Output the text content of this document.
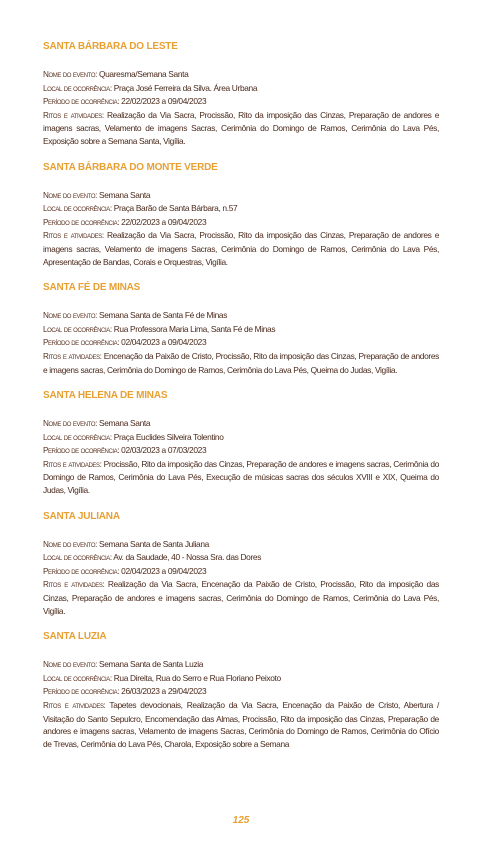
SANTA BÁRBARA DO LESTE

Nome do evento: Quaresma/Semana Santa

Local de ocorrência: Praça José Ferreira da Silva. Área Urbana

Período de ocorrência: 22/02/2023 a 09/04/2023

Ritos e atividades: Realização da Via Sacra, Procissão, Rito da imposição das Cinzas, Preparação de andores e imagens sacras, Velamento de imagens Sacras, Cerimônia do Domingo de Ramos, Cerimônia do Lava Pés, Exposição sobre a Semana Santa, Vigília.

SANTA BÁRBARA DO MONTE VERDE

Nome do evento: Semana Santa

Local de ocorrência: Praça Barão de Santa Bárbara, n.57

Período de ocorrência: 22/02/2023 a 09/04/2023

Ritos e atividades: Realização da Via Sacra, Procissão, Rito da imposição das Cinzas, Preparação de andores e imagens sacras, Velamento de imagens Sacras, Cerimônia do Domingo de Ramos, Cerimônia do Lava Pés, Apresentação de Bandas, Corais e Orquestras, Vigília.

SANTA FÉ DE MINAS

Nome do evento: Semana Santa de Santa Fé de Minas

Local de ocorrência: Rua Professora Maria Lima, Santa Fé de Minas

Período de ocorrência: 02/04/2023 a 09/04/2023

Ritos e atividades: Encenação da Paixão de Cristo, Procissão, Rito da imposição das Cinzas, Preparação de andores e imagens sacras, Cerimônia do Domingo de Ramos, Cerimônia do Lava Pés, Queima do Judas, Vigília.

SANTA HELENA DE MINAS

Nome do evento: Semana Santa

Local de ocorrência: Praça Euclides Silveira Tolentino

Período de ocorrência: 02/03/2023 a 07/03/2023

Ritos e atividades: Procissão, Rito da imposição das Cinzas, Preparação de andores e imagens sacras, Cerimônia do Domingo de Ramos, Cerimônia do Lava Pés, Execução de músicas sacras dos séculos XVIII e XIX, Queima do Judas, Vigília.

SANTA JULIANA

Nome do evento: Semana Santa de Santa Juliana

Local de ocorrência: Av. da Saudade, 40 - Nossa Sra. das Dores

Período de ocorrência: 02/04/2023 a 09/04/2023

Ritos e atividades: Realização da Via Sacra, Encenação da Paixão de Cristo, Procissão, Rito da imposição das Cinzas, Preparação de andores e imagens sacras, Cerimônia do Domingo de Ramos, Cerimônia do Lava Pés, Vigília.

SANTA LUZIA

Nome do evento: Semana Santa de Santa Luzia

Local de ocorrência: Rua Direita, Rua do Serro e Rua Floriano Peixoto

Período de ocorrência: 26/03/2023 a 29/04/2023

Ritos e atividades: Tapetes devocionais, Realização da Via Sacra, Encenação da Paixão de Cristo, Abertura / Visitação do Santo Sepulcro, Encomendação das Almas, Procissão, Rito da imposição das Cinzas, Preparação de andores e imagens sacras, Velamento de imagens Sacras, Cerimônia do Domingo de Ramos, Cerimônia do Ofício de Trevas, Cerimônia do Lava Pés, Charola, Exposição sobre a Semana

125
